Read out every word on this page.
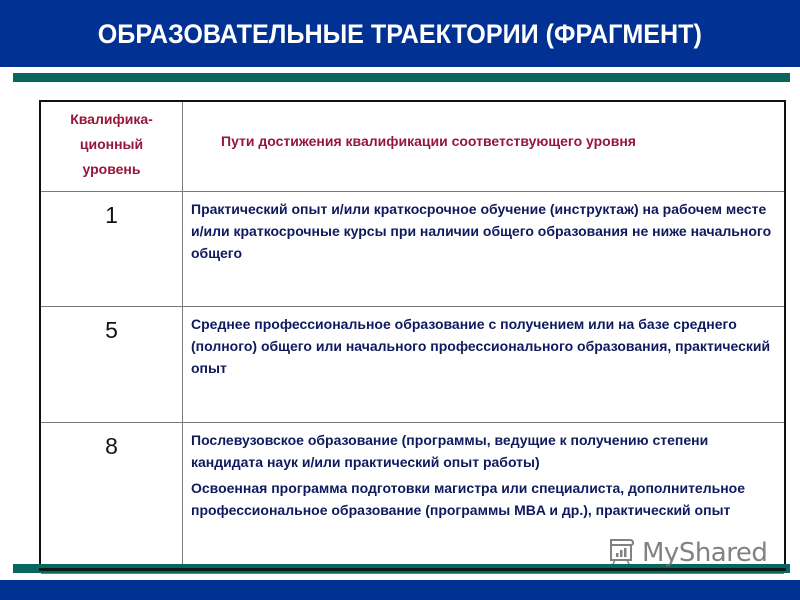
ОБРАЗОВАТЕЛЬНЫЕ ТРАЕКТОРИИ (ФРАГМЕНТ)
Квалифика-
ционный
уровень	Пути достижения квалификации соответствующего уровня

1	Практический опыт и/или краткосрочное обучение (инструктаж) на рабочем месте и/или краткосрочные курсы при наличии общего образования не ниже начального общего

5	Среднее профессиональное образование с получением или на базе среднего (полного) общего или начального профессионального образования, практический опыт

8	Послевузовское образование (программы, ведущие к получению степени кандидата наук и/или практический опыт работы)

Освоенная программа подготовки магистра или специалиста, дополнительное профессиональное образование (программы MBA и др.), практический опыт

MyShared
